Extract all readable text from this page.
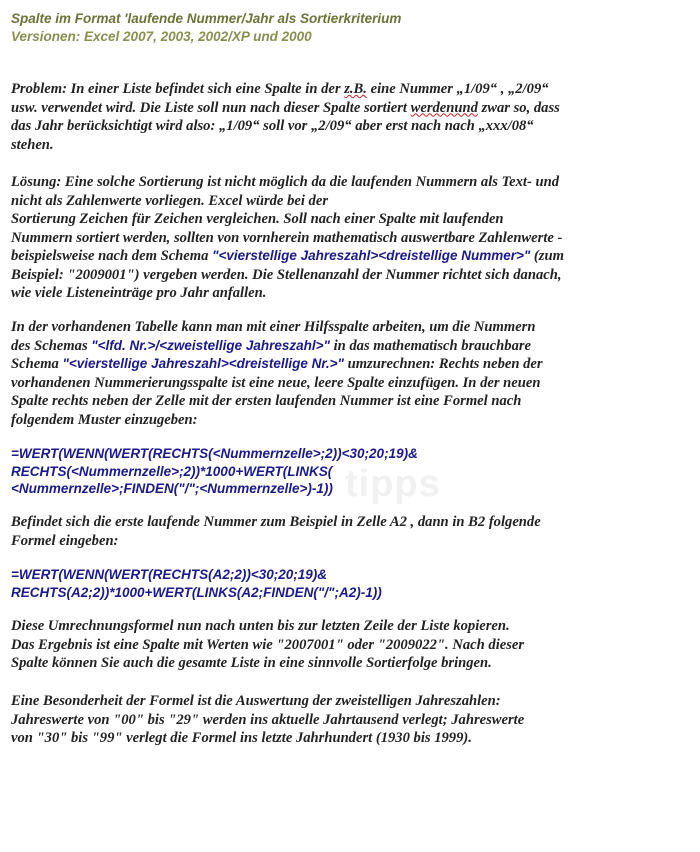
tipps
Spalte im Format 'laufende Nummer/Jahr als Sortierkriterium
Versionen: Excel 2007, 2003, 2002/XP und 2000
Problem: In einer Liste befindet sich eine Spalte in der z.B. eine Nummer „1/09“ , „2/09“
usw. verwendet wird. Die Liste soll nun nach dieser Spalte sortiert werdenund zwar so, dass
das Jahr berücksichtigt wird also: „1/09“ soll vor „2/09“ aber erst nach nach „xxx/08“
stehen.
Lösung: Eine solche Sortierung ist nicht möglich da die laufenden Nummern als Text- und
nicht als Zahlenwerte vorliegen. Excel würde bei der
Sortierung Zeichen für Zeichen vergleichen. Soll nach einer Spalte mit laufenden
Nummern sortiert werden, sollten von vornherein mathematisch auswertbare Zahlenwerte -
beispielsweise nach dem Schema "<vierstellige Jahreszahl><dreistellige Nummer>" (zum
Beispiel: "2009001") vergeben werden. Die Stellenanzahl der Nummer richtet sich danach,
wie viele Listeneinträge pro Jahr anfallen.
In der vorhandenen Tabelle kann man mit einer Hilfsspalte arbeiten, um die Nummern
des Schemas "<lfd. Nr.>/<zweistellige Jahreszahl>" in das mathematisch brauchbare
Schema "<vierstellige Jahreszahl><dreistellige Nr.>" umzurechnen: Rechts neben der
vorhandenen Nummerierungsspalte ist eine neue, leere Spalte einzufügen. In der neuen
Spalte rechts neben der Zelle mit der ersten laufenden Nummer ist eine Formel nach
folgendem Muster einzugeben:
=WERT(WENN(WERT(RECHTS(<Nummernzelle>;2))<30;20;19)&
RECHTS(<Nummernzelle>;2))*1000+WERT(LINKS(
<Nummernzelle>;FINDEN("/";<Nummernzelle>)-1))
Befindet sich die erste laufende Nummer zum Beispiel in Zelle A2 , dann in B2 folgende
Formel eingeben:
=WERT(WENN(WERT(RECHTS(A2;2))<30;20;19)&
RECHTS(A2;2))*1000+WERT(LINKS(A2;FINDEN("/";A2)-1))
Diese Umrechnungsformel nun nach unten bis zur letzten Zeile der Liste kopieren.
Das Ergebnis ist eine Spalte mit Werten wie "2007001" oder "2009022". Nach dieser
Spalte können Sie auch die gesamte Liste in eine sinnvolle Sortierfolge bringen.
Eine Besonderheit der Formel ist die Auswertung der zweistelligen Jahreszahlen:
Jahreswerte von "00" bis "29" werden ins aktuelle Jahrtausend verlegt; Jahreswerte
von "30" bis "99" verlegt die Formel ins letzte Jahrhundert (1930 bis 1999).
